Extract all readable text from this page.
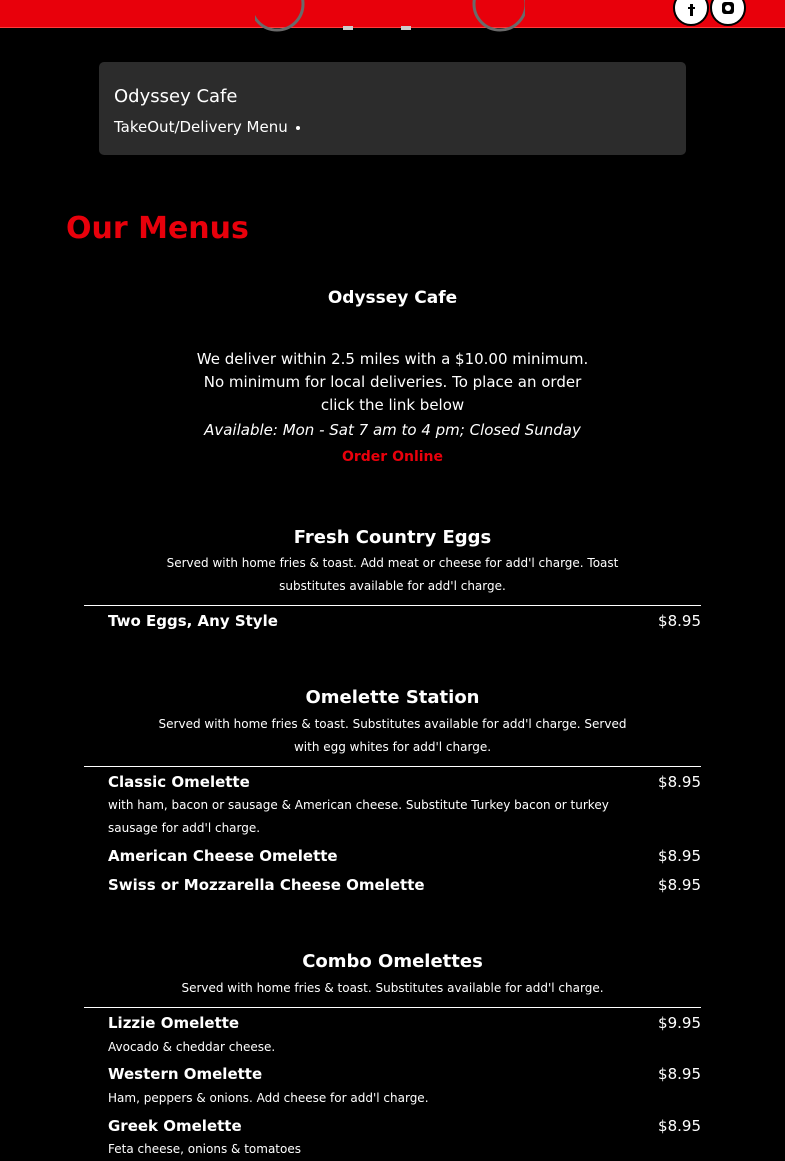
Odyssey Cafe
TakeOut/Delivery Menu
Our Menus
Odyssey Cafe
We deliver within 2.5 miles with a $10.00 minimum. No minimum for local deliveries. To place an order click the link below
Available: Mon - Sat 7 am to 4 pm; Closed Sunday
Order Online
Fresh Country Eggs
Served with home fries & toast. Add meat or cheese for add'l charge. Toast
substitutes available for add'l charge.
Two Eggs, Any Style	$8.95
Omelette Station
Served with home fries & toast. Substitutes available for add'l charge. Served
with egg whites for add'l charge.
Classic Omelette	$8.95
with ham, bacon or sausage & American cheese. Substitute Turkey bacon or turkey
sausage for add'l charge.
American Cheese Omelette	$8.95
Swiss or Mozzarella Cheese Omelette	$8.95
Combo Omelettes
Served with home fries & toast. Substitutes available for add'l charge.
Lizzie Omelette	$9.95
Avocado & cheddar cheese.
Western Omelette	$8.95
Ham, peppers & onions. Add cheese for add'l charge.
Greek Omelette	$8.95
Feta cheese, onions & tomatoes
